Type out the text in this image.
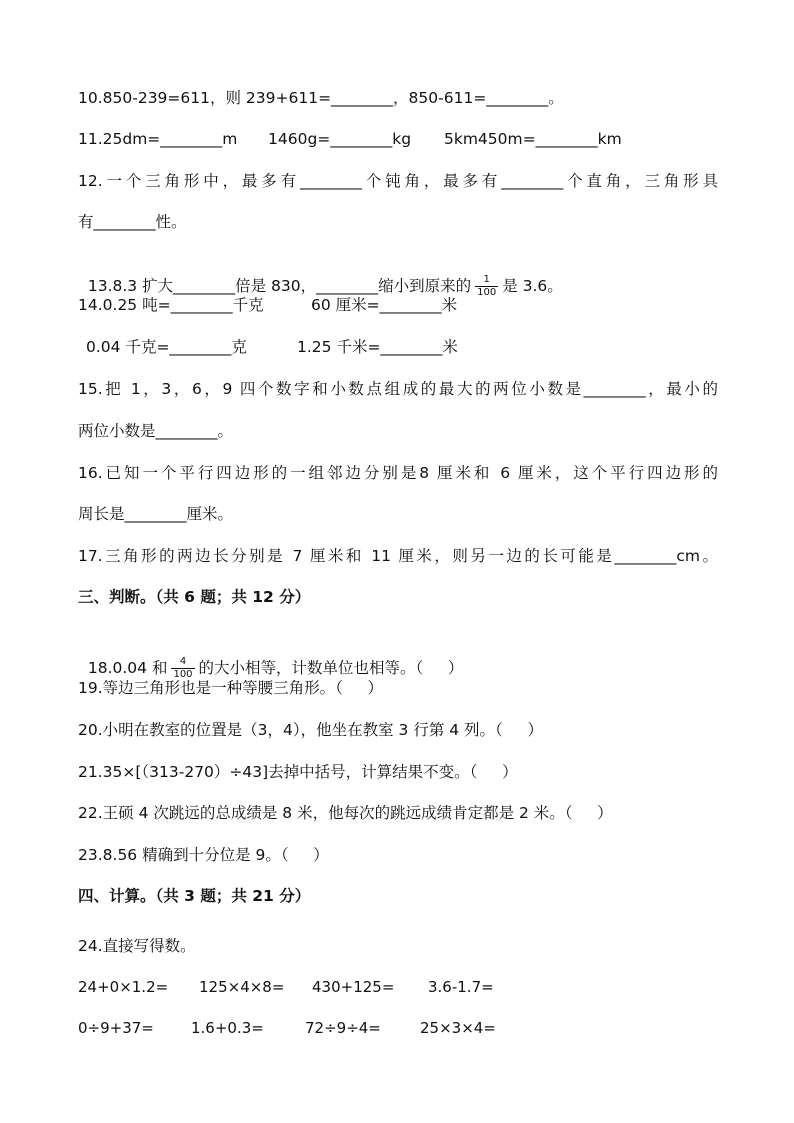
10.850-239=611，则 239+611=________，850-611=________。
11.25dm=________m 1460g=________kg 5km450m=________km
12.一个三角形中，最多有________个钝角，最多有________个直角，三角形具
有________性。

13.8.3 扩大________倍是 830，________缩小到原来的 $\frac{1}{100}$ 是 3.6。

14.0.25 吨=________千克	60 厘米=________米
0.04 千克=________克	1.25 千米=________米
15.把 1，3，6，9 四个数字和小数点组成的最大的两位小数是________，最小的
两位小数是________。
16.已知一个平行四边形的一组邻边分别是8 厘米和 6 厘米，这个平行四边形的
周长是________厘米。
17.三角形的两边长分别是 7 厘米和 11 厘米，则另一边的长可能是________cm。
三、判断。（共 6 题；共 12 分）

18.0.04 和 $\frac{4}{100}$ 的大小相等，计数单位也相等。（     ）

19.等边三角形也是一种等腰三角形。（     ）
20.小明在教室的位置是（3，4），他坐在教室 3 行第 4 列。（     ）
21.35×[（313-270）÷43]去掉中括号，计算结果不变。（     ）
22.王硕 4 次跳远的总成绩是 8 米，他每次的跳远成绩肯定都是 2 米。（     ）
23.8.56 精确到十分位是 9。（     ）
四、计算。（共 3 题；共 21 分）
24.直接写得数。
24+0×1.2= 125×4×8= 430+125= 3.6-1.7=
0÷9+37= 1.6+0.3=	72÷9÷4=	25×3×4=
